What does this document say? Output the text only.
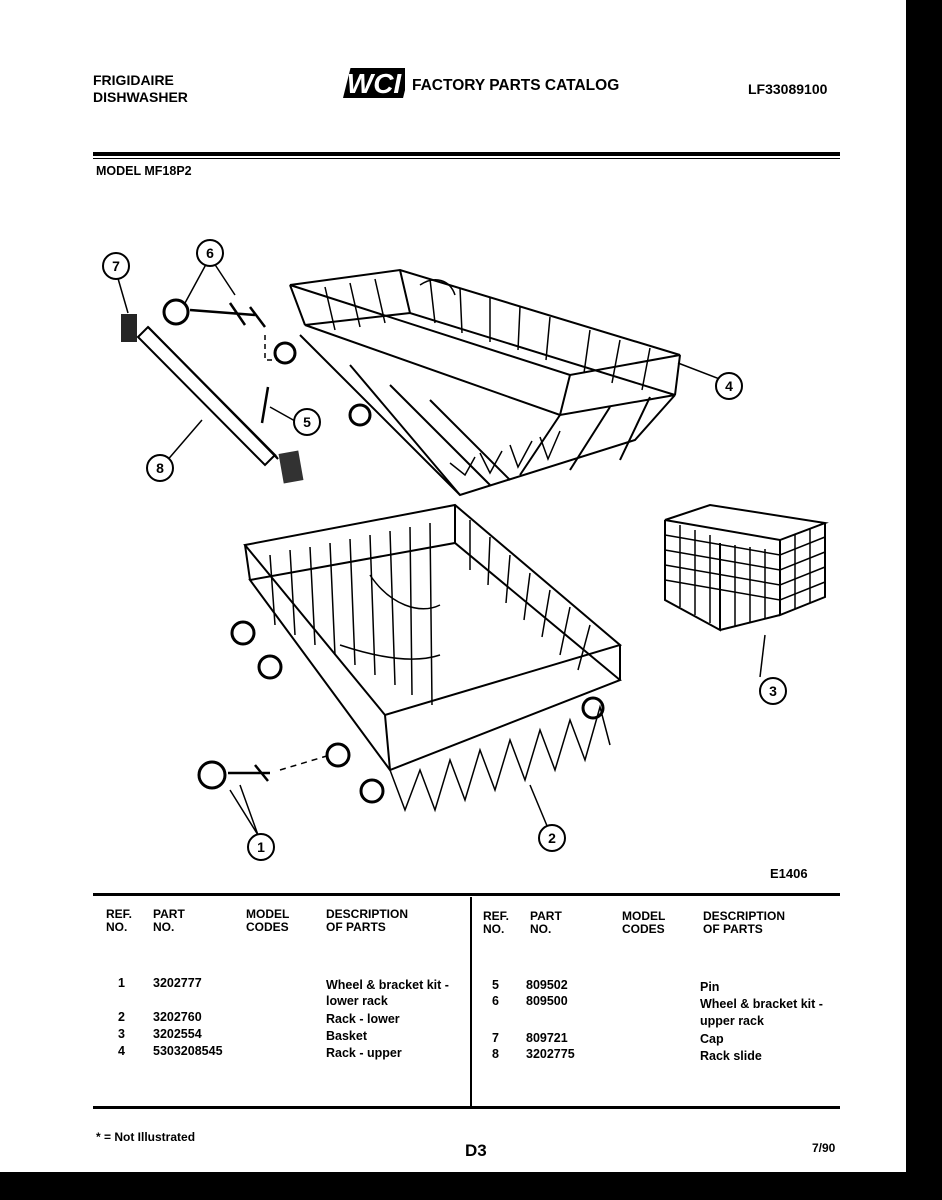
FRIGIDAIRE
DISHWASHER	WCI FACTORY PARTS CATALOG	LF33089100
MODEL MF18P2
6
7
4
5
8
3
2
1
E1406
REF.
NO.
PART
NO.
MODEL
CODES
DESCRIPTION
OF PARTS
REF.
NO.
PART
NO.
MODEL
CODES
DESCRIPTION
OF PARTS
1 3202777	Wheel & bracket kit -
lower rack
2 3202760	Rack - lower
3 3202554	Basket
4 5303208545	Rack - upper
5 809502	Pin
6 809500	Wheel & bracket kit -
upper rack
7 809721	Cap
8 3202775	Rack slide
* = Not Illustrated
D3	7/90
